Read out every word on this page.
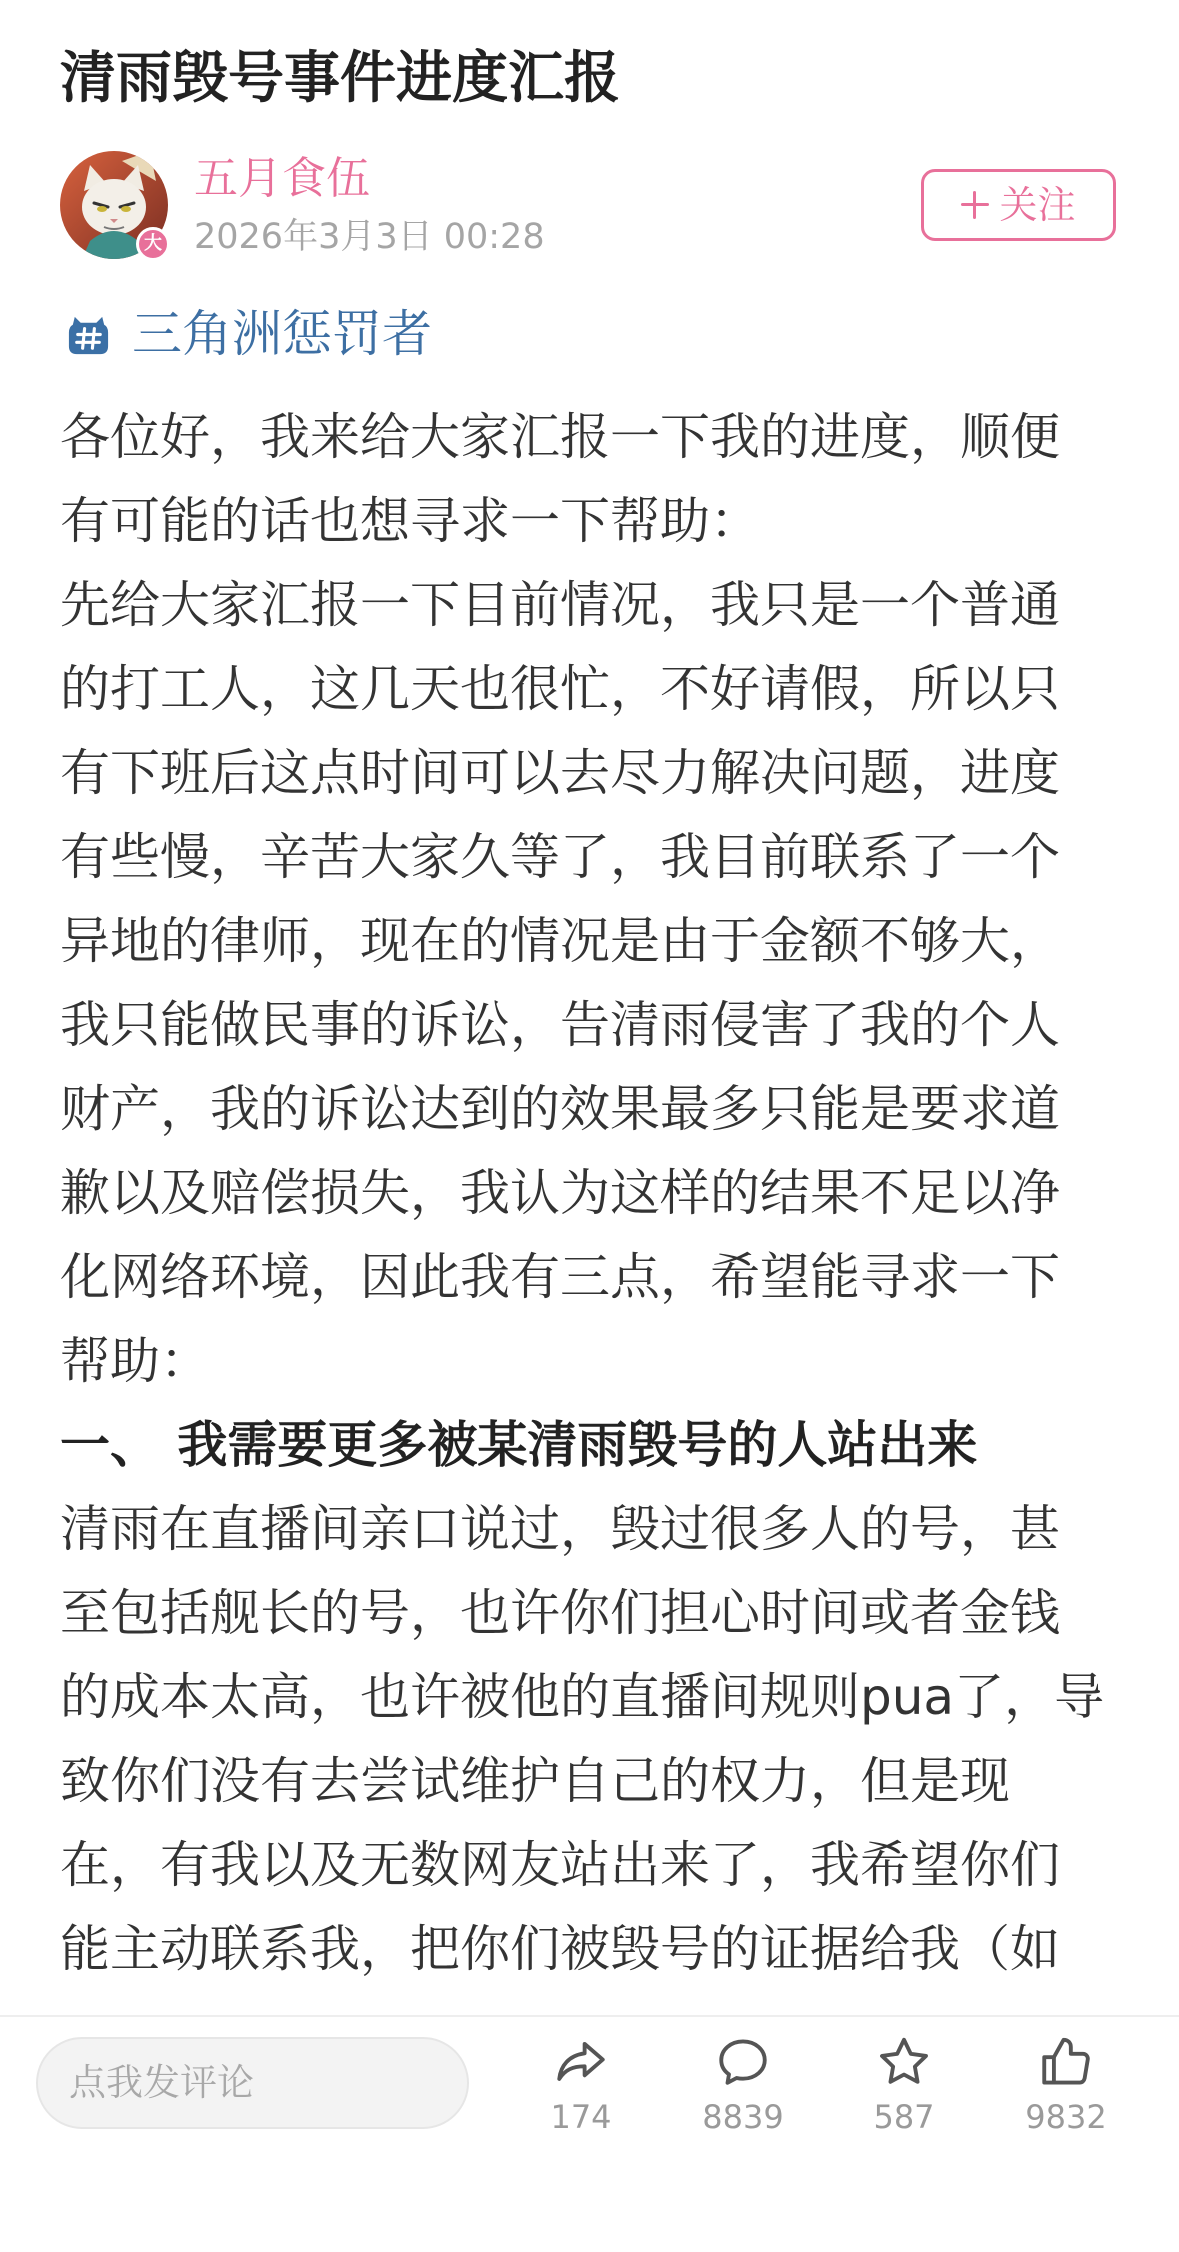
清雨毁号事件进度汇报
大
五月食伍
2026年3月3日 00:28
关注
三角洲惩罚者
各位好，我来给大家汇报一下我的进度，顺便
有可能的话也想寻求一下帮助：
先给大家汇报一下目前情况，我只是一个普通
的打工人，这几天也很忙，不好请假，所以只
有下班后这点时间可以去尽力解决问题，进度
有些慢，辛苦大家久等了，我目前联系了一个
异地的律师，现在的情况是由于金额不够大，
我只能做民事的诉讼，告清雨侵害了我的个人
财产，我的诉讼达到的效果最多只能是要求道
歉以及赔偿损失，我认为这样的结果不足以净
化网络环境，因此我有三点，希望能寻求一下
帮助：
一、 我需要更多被某清雨毁号的人站出来
清雨在直播间亲口说过，毁过很多人的号，甚
至包括舰长的号，也许你们担心时间或者金钱
的成本太高，也许被他的直播间规则pua了，导
致你们没有去尝试维护自己的权力，但是现
在，有我以及无数网友站出来了，我希望你们
能主动联系我，把你们被毁号的证据给我（如
点我发评论
174	8839	587	9832
